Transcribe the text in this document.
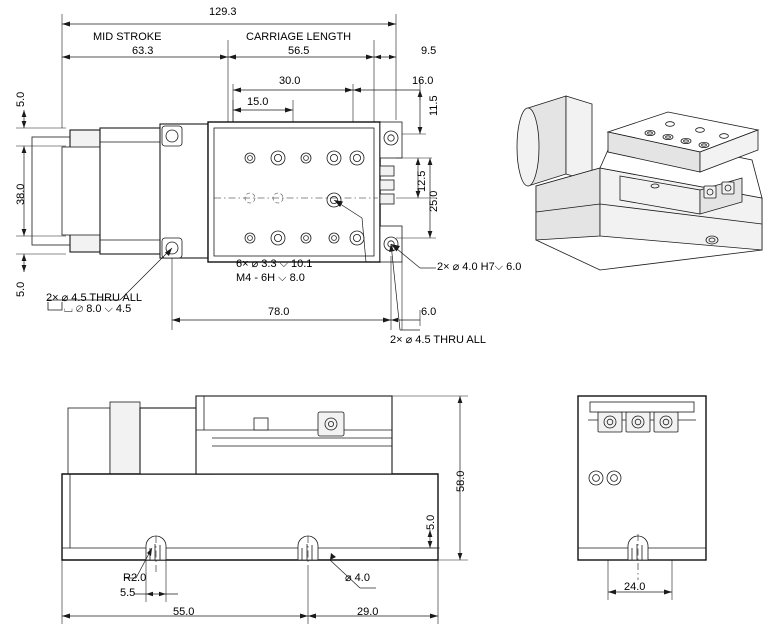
129.3
MID STROKE
63.3
CARRIAGE LENGTH
56.5	9.5
30.0	16.0
15.0	11.5
5.0
38.0
5.0
12.5
25.0
6× ⌀ 3.3 ⌵ 10.1
M4 - 6H ⌵ 8.0
2× ⌀ 4.0 H7⌵ 6.0
2× ⌀ 4.5 THRU ALL
⌴ ⌀ 8.0 ⌵ 4.5	78.0	6.0
2× ⌀ 4.5 THRU ALL
58.0
5.0
R2.0
5.5
55.0	29.0
⌀ 4.0
24.0
